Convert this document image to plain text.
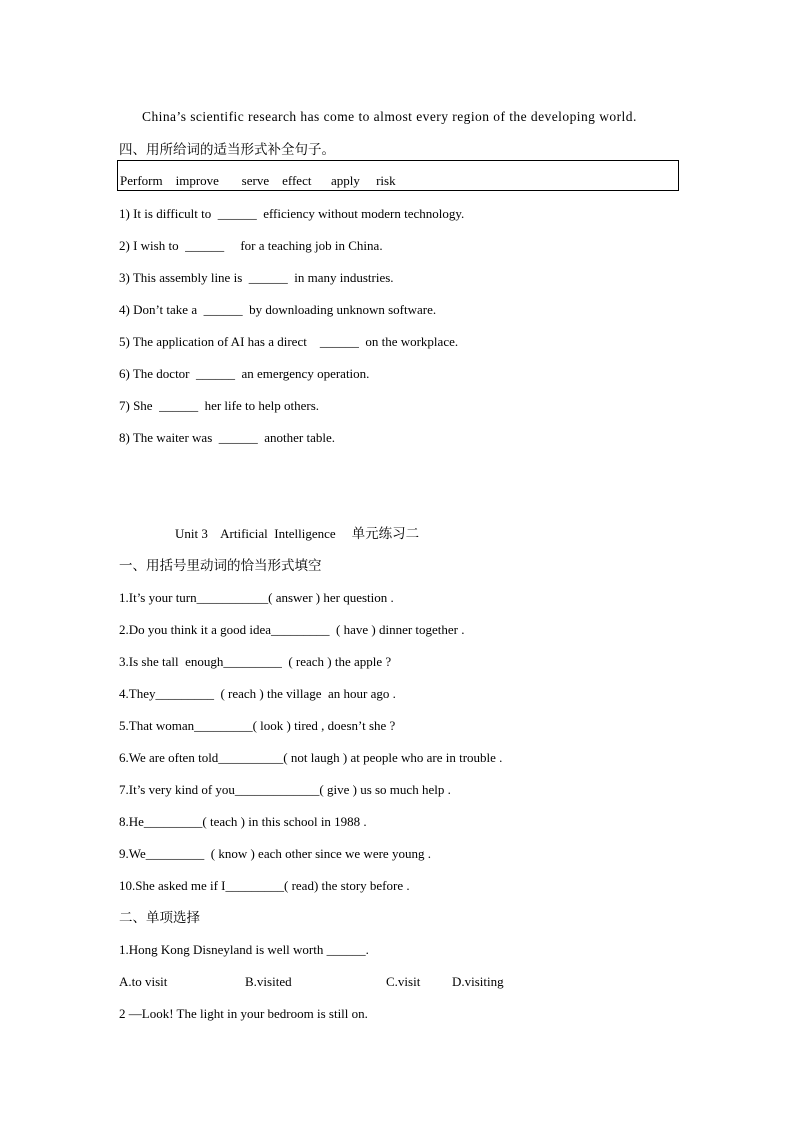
China’s scientific research has come to almost every region of the developing world.
四、用所给词的适当形式补全句子。
Perform    improve       serve    effect      apply     risk
1) It is difficult to  ______  efficiency without modern technology.
2) I wish to  ______     for a teaching job in China.
3) This assembly line is  ______  in many industries.
4) Don’t take a  ______  by downloading unknown software.
5) The application of AI has a direct    ______  on the workplace.
6) The doctor  ______  an emergency operation.
7) She  ______  her life to help others.
8) The waiter was  ______  another table.
Unit 3    Artificial  Intelligence 单元练习二
一、用括号里动词的恰当形式填空
1.It’s your turn___________( answer ) her question .
2.Do you think it a good idea_________  ( have ) dinner together .
3.Is she tall  enough_________  ( reach ) the apple ?
4.They_________  ( reach ) the village  an hour ago .
5.That woman_________( look ) tired , doesn’t she ?
6.We are often told__________( not laugh ) at people who are in trouble .
7.It’s very kind of you_____________( give ) us so much help .
8.He_________( teach ) in this school in 1988 .
9.We_________  ( know ) each other since we were young .
10.She asked me if I_________( read) the story before .
二、单项选择
1.Hong Kong Disneyland is well worth ______.
A.to visit	B.visited	C.visit D.visiting
2 —Look! The light in your bedroom is still on.
